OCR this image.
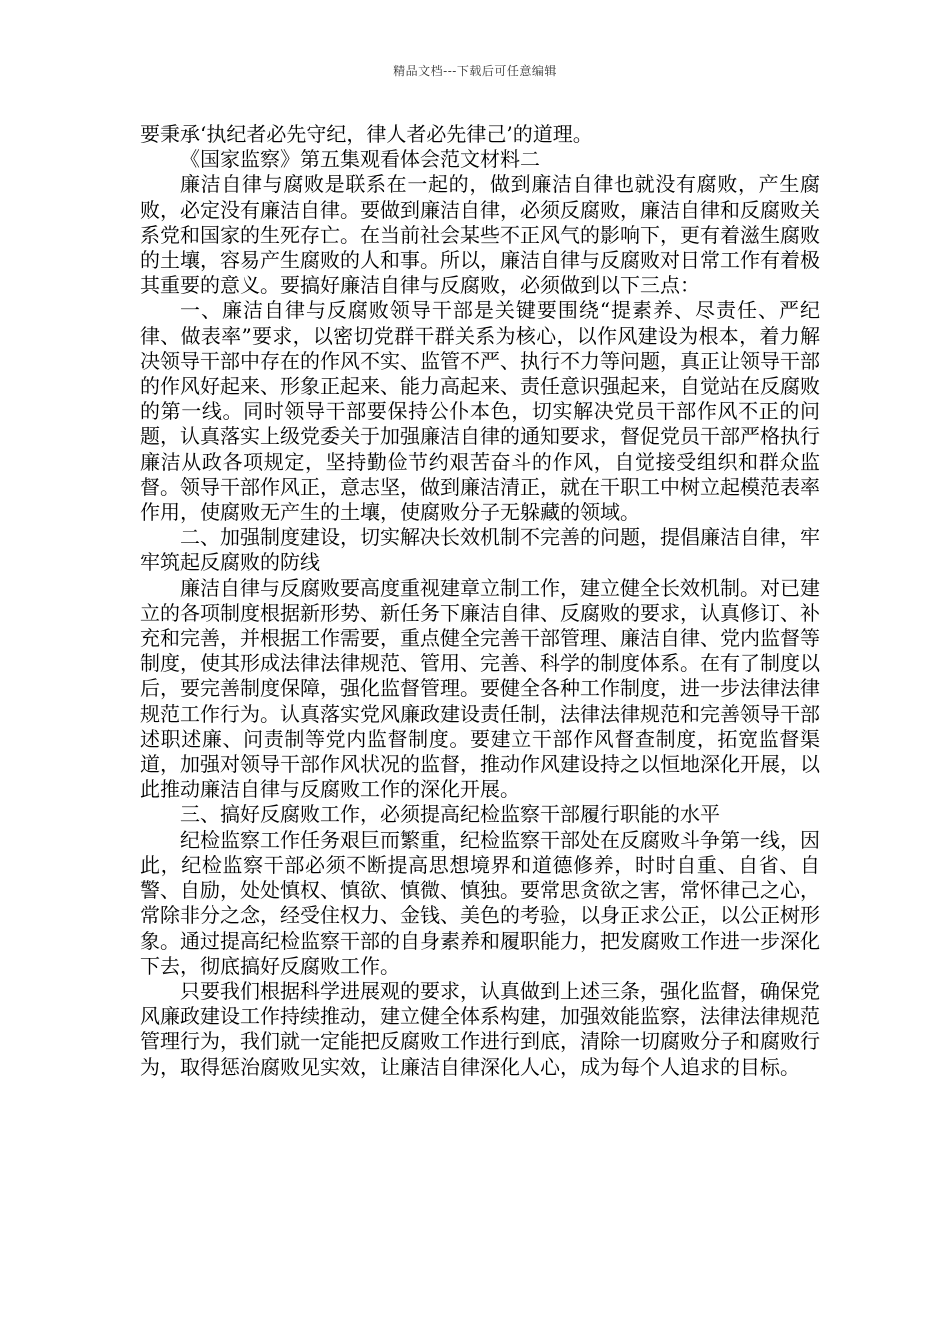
精品文档---下载后可任意编辑

要秉承‘执纪者必先守纪，律人者必先律己’的道理。

《国家监察》第五集观看体会范文材料二

廉洁自律与腐败是联系在一起的，做到廉洁自律也就没有腐败，产生腐败，必定没有廉洁自律。要做到廉洁自律，必须反腐败，廉洁自律和反腐败关系党和国家的生死存亡。在当前社会某些不正风气的影响下，更有着滋生腐败的土壤，容易产生腐败的人和事。所以，廉洁自律与反腐败对日常工作有着极其重要的意义。要搞好廉洁自律与反腐败，必须做到以下三点：

一、廉洁自律与反腐败领导干部是关键要围绕“提素养、尽责任、严纪律、做表率”要求，以密切党群干群关系为核心，以作风建设为根本，着力解决领导干部中存在的作风不实、监管不严、执行不力等问题，真正让领导干部的作风好起来、形象正起来、能力高起来、责任意识强起来，自觉站在反腐败的第一线。同时领导干部要保持公仆本色，切实解决党员干部作风不正的问题，认真落实上级党委关于加强廉洁自律的通知要求，督促党员干部严格执行廉洁从政各项规定，坚持勤俭节约艰苦奋斗的作风，自觉接受组织和群众监督。领导干部作风正，意志坚，做到廉洁清正，就在干职工中树立起模范表率作用，使腐败无产生的土壤，使腐败分子无躲藏的领域。

二、加强制度建设，切实解决长效机制不完善的问题，提倡廉洁自律，牢牢筑起反腐败的防线

廉洁自律与反腐败要高度重视建章立制工作，建立健全长效机制。对已建立的各项制度根据新形势、新任务下廉洁自律、反腐败的要求，认真修订、补充和完善，并根据工作需要，重点健全完善干部管理、廉洁自律、党内监督等制度，使其形成法律法律规范、管用、完善、科学的制度体系。在有了制度以后，要完善制度保障，强化监督管理。要健全各种工作制度，进一步法律法律规范工作行为。认真落实党风廉政建设责任制，法律法律规范和完善领导干部述职述廉、问责制等党内监督制度。要建立干部作风督查制度，拓宽监督渠道，加强对领导干部作风状况的监督，推动作风建设持之以恒地深化开展，以此推动廉洁自律与反腐败工作的深化开展。

三、搞好反腐败工作，必须提高纪检监察干部履行职能的水平

纪检监察工作任务艰巨而繁重，纪检监察干部处在反腐败斗争第一线，因此，纪检监察干部必须不断提高思想境界和道德修养，时时自重、自省、自警、自励，处处慎权、慎欲、慎微、慎独。要常思贪欲之害，常怀律己之心，常除非分之念，经受住权力、金钱、美色的考验，以身正求公正，以公正树形象。通过提高纪检监察干部的自身素养和履职能力，把发腐败工作进一步深化下去，彻底搞好反腐败工作。

只要我们根据科学进展观的要求，认真做到上述三条，强化监督，确保党风廉政建设工作持续推动，建立健全体系构建，加强效能监察，法律法律规范管理行为，我们就一定能把反腐败工作进行到底，清除一切腐败分子和腐败行为，取得惩治腐败见实效，让廉洁自律深化人心，成为每个人追求的目标。
